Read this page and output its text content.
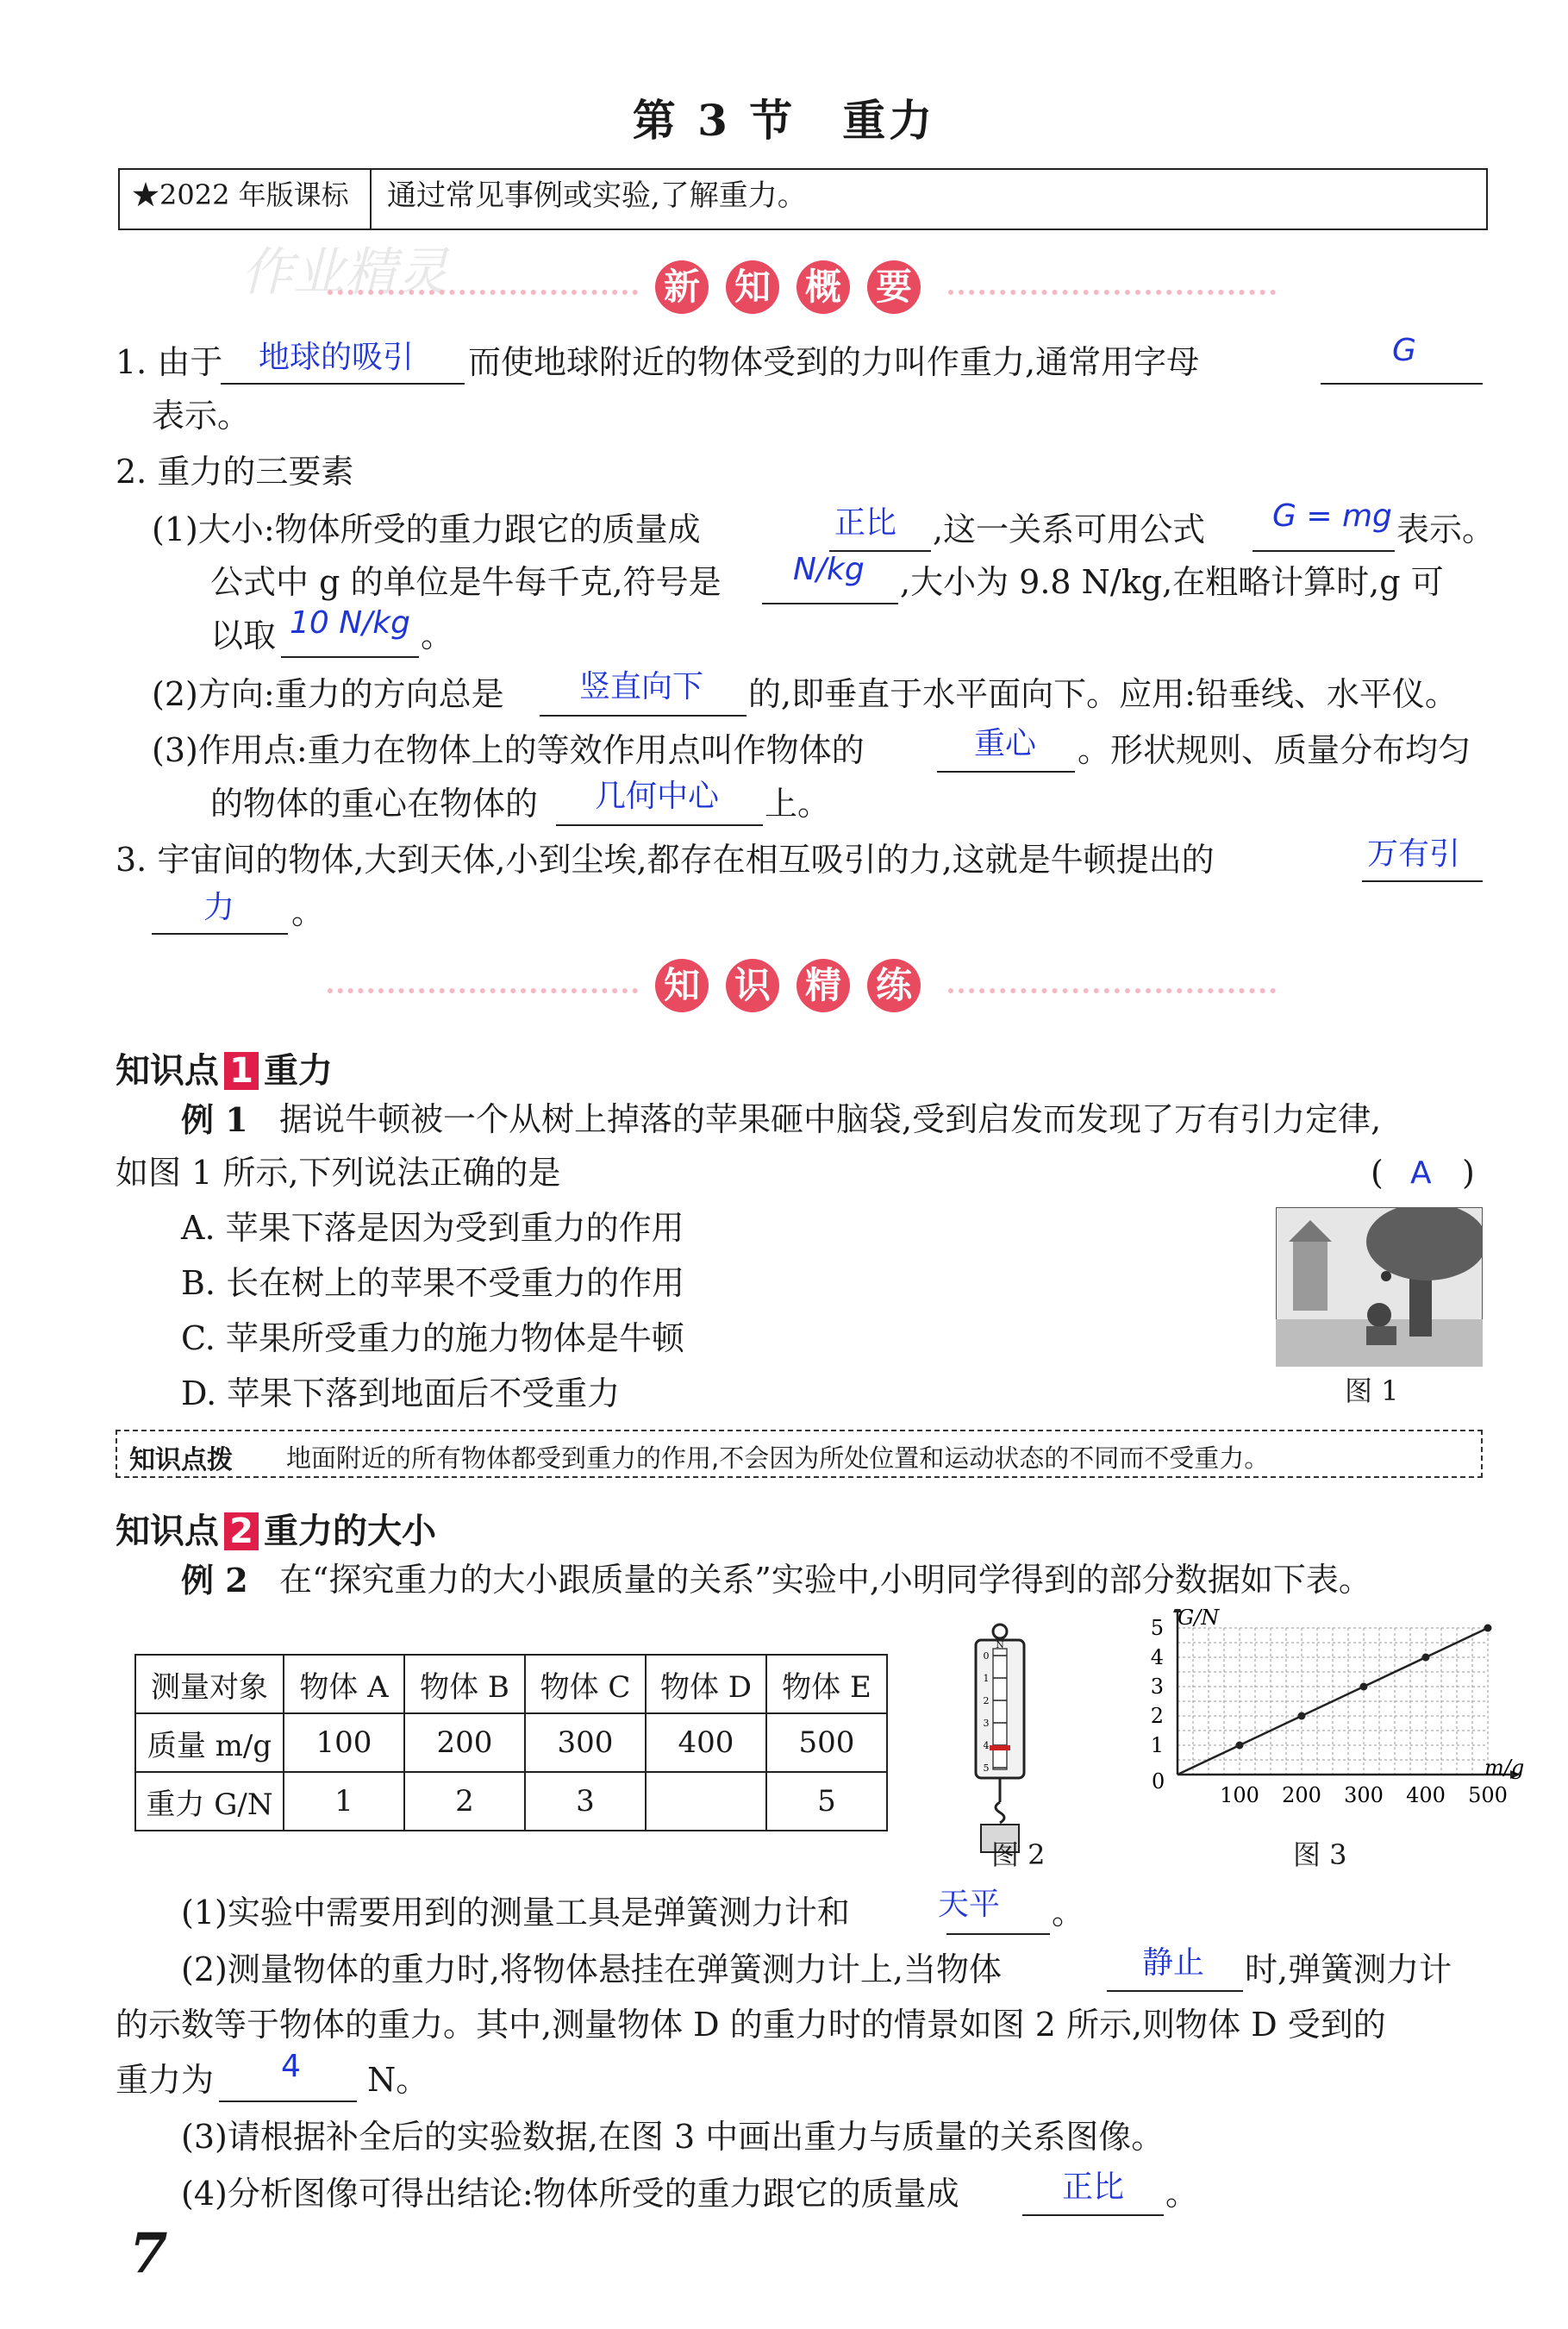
第 3 节　重力
★2022 年版课标 通过常见事例或实验,了解重力。
作业精灵	新 知 概 要
1. 由于 地球的吸引 而使地球附近的物体受到的力叫作重力,通常用字母	G
表示。
2. 重力的三要素
(1)大小:物体所受的重力跟它的质量成	正比 ,这一关系可用公式 G = mg 表示。
公式中 g 的单位是牛每千克,符号是 N/kg ,大小为 9.8 N/kg,在粗略计算时,g 可
以取 10 N/kg 。
(2)方向:重力的方向总是 竖直向下 的,即垂直于水平面向下。应用:铅垂线、水平仪。
(3)作用点:重力在物体上的等效作用点叫作物体的	重心 。形状规则、质量分布均匀
的物体的重心在物体的 几何中心 上。
3. 宇宙间的物体,大到天体,小到尘埃,都存在相互吸引的力,这就是牛顿提出的	万有引
力 。
知 识 精 练
知识点 1 重力
例 1 据说牛顿被一个从树上掉落的苹果砸中脑袋,受到启发而发现了万有引力定律,
如图 1 所示,下列说法正确的是	( A )
A. 苹果下落是因为受到重力的作用
B. 长在树上的苹果不受重力的作用
C. 苹果所受重力的施力物体是牛顿
D. 苹果下落到地面后不受重力	图 1
知识点拨 地面附近的所有物体都受到重力的作用,不会因为所处位置和运动状态的不同而不受重力。
知识点 2 重力的大小
例 2 在“探究重力的大小跟质量的关系”实验中,小明同学得到的部分数据如下表。
测量对象	物体 A	物体 B	物体 C	物体 D	物体 E
质量 m/g	100	200	300	400	500
重力 G/N	1	2	3		5
0
1
2
3
4
5
N
图 2
100 200 300 400 500
1
2
3
4
5 G/N
m/g
0
图 3
(1)实验中需要用到的测量工具是弹簧测力计和	天平 。
(2)测量物体的重力时,将物体悬挂在弹簧测力计上,当物体	静止 时,弹簧测力计
的示数等于物体的重力。其中,测量物体 D 的重力时的情景如图 2 所示,则物体 D 受到的
重力为 4 N。
(3)请根据补全后的实验数据,在图 3 中画出重力与质量的关系图像。
(4)分析图像可得出结论:物体所受的重力跟它的质量成	正比 。
7
